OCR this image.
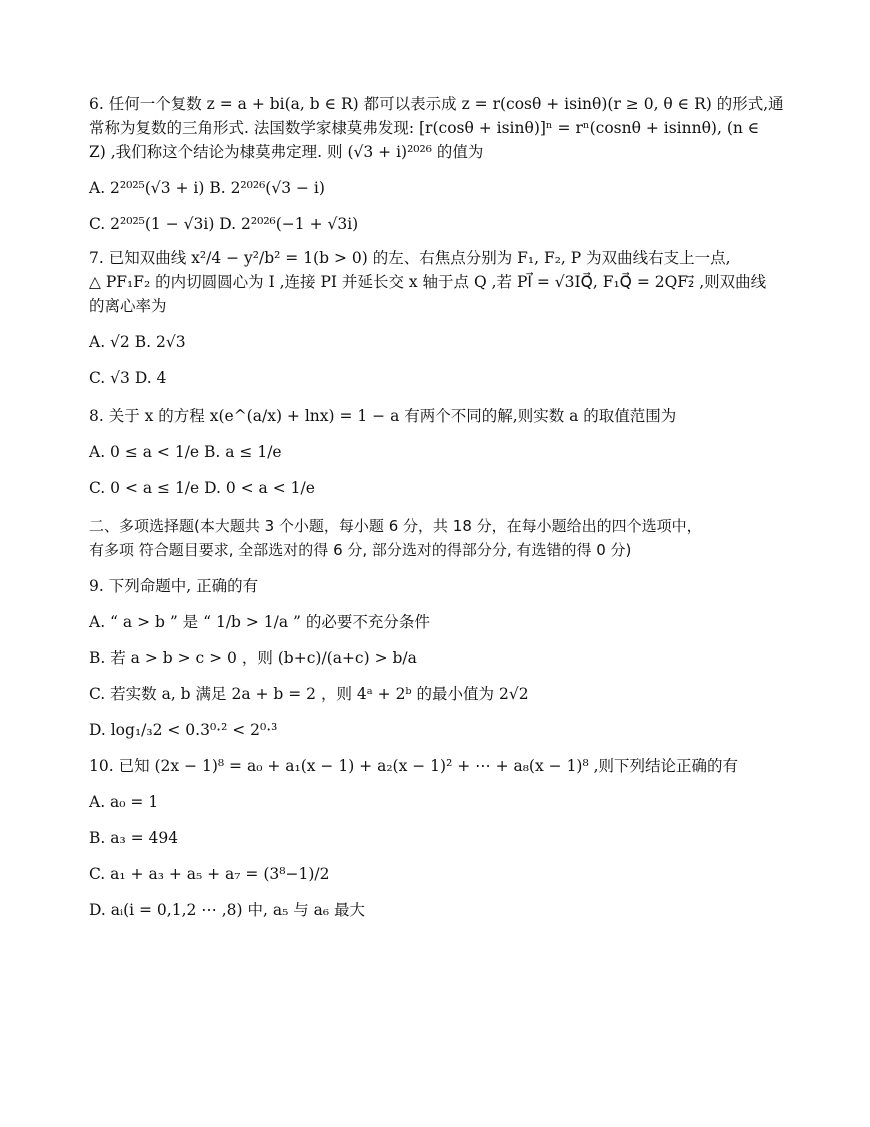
6. 任何一个复数 z = a + bi(a, b ∈ R) 都可以表示成 z = r(cosθ + isinθ)(r ≥ 0, θ ∈ R) 的形式,通
常称为复数的三角形式. 法国数学家棣莫弗发现: [r(cosθ + isinθ)]ⁿ = rⁿ(cosnθ + isinnθ), (n ∈
Z) ,我们称这个结论为棣莫弗定理. 则 (√3 + i)²⁰²⁶ 的值为

A. 2²⁰²⁵(√3 + i) B. 2²⁰²⁶(√3 − i)

C. 2²⁰²⁵(1 − √3i) D. 2²⁰²⁶(−1 + √3i)

7. 已知双曲线 x²/4 − y²/b² = 1(b > 0) 的左、右焦点分别为 F₁, F₂, P 为双曲线右支上一点,
△ PF₁F₂ 的内切圆圆心为 I ,连接 PI 并延长交 x 轴于点 Q ,若 PI⃗ = √3IQ⃗, F₁Q⃗ = 2QF₂⃗ ,则双曲线
的离心率为

A. √2 B. 2√3

C. √3 D. 4

8. 关于 x 的方程 x(e^(a/x) + lnx) = 1 − a 有两个不同的解,则实数 a 的取值范围为

A. 0 ≤ a < 1/e B. a ≤ 1/e

C. 0 < a ≤ 1/e D. 0 < a < 1/e

二、多项选择题(本大题共 3 个小题，每小题 6 分，共 18 分，在每小题给出的四个选项中，
有多项 符合题目要求, 全部选对的得 6 分, 部分选对的得部分分, 有选错的得 0 分)

9. 下列命题中, 正确的有

A. “ a > b ” 是 “ 1/b > 1/a ” 的必要不充分条件

B. 若 a > b > c > 0 ，则 (b+c)/(a+c) > b/a

C. 若实数 a, b 满足 2a + b = 2 ，则 4ᵃ + 2ᵇ 的最小值为 2√2

D. log₁/₃2 < 0.3⁰·² < 2⁰·³

10. 已知 (2x − 1)⁸ = a₀ + a₁(x − 1) + a₂(x − 1)² + ⋯ + a₈(x − 1)⁸ ,则下列结论正确的有

A. a₀ = 1

B. a₃ = 494

C. a₁ + a₃ + a₅ + a₇ = (3⁸−1)/2

D. aᵢ(i = 0,1,2 ⋯ ,8) 中, a₅ 与 a₆ 最大
